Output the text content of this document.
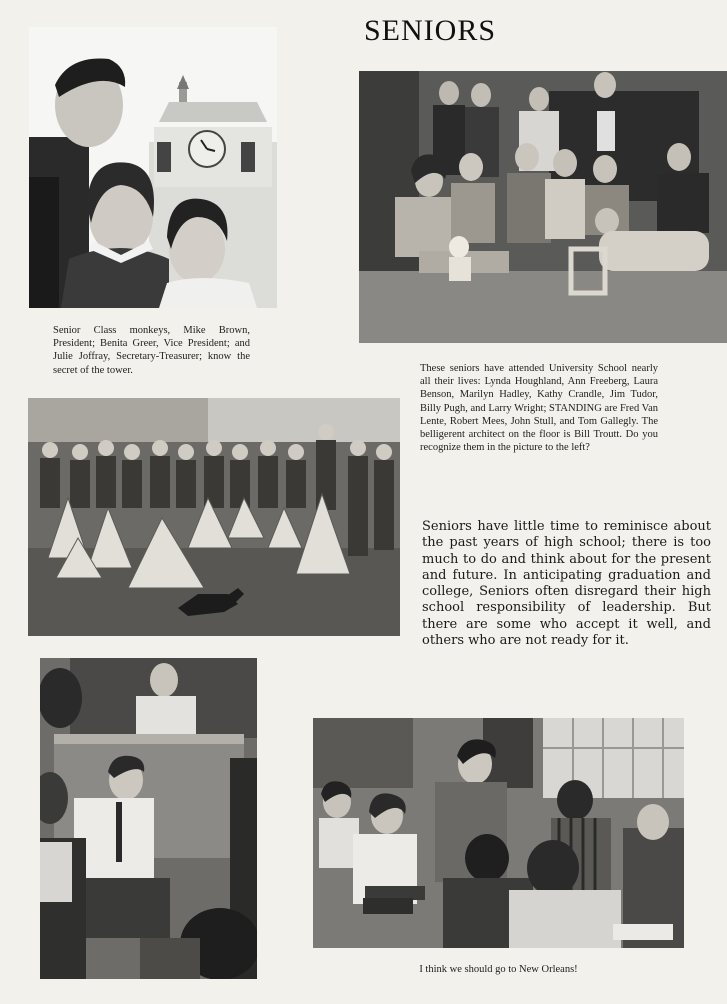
SENIORS
Senior Class monkeys, Mike Brown, President; Benita Greer, Vice President; and Julie Joffray, Secretary-Treasurer; know the secret of the tower.	These seniors have attended University School nearly all their lives: Lynda Houghland, Ann Freeberg, Laura Benson, Marilyn Hadley, Kathy Crandle, Jim Tudor, Billy Pugh, and Larry Wright; STANDING are Fred Van Lente, Robert Mees, John Stull, and Tom Gallegly. The belligerent architect on the floor is Bill Troutt. Do you recognize them in the picture to the left?
Seniors have little time to reminisce about the past years of high school; there is too much to do and think about for the present and future. In anticipating graduation and college, Seniors often disregard their high school responsibility of leadership. But there are some who accept it well, and others who are not ready for it.
I think we should go to New Orleans!
